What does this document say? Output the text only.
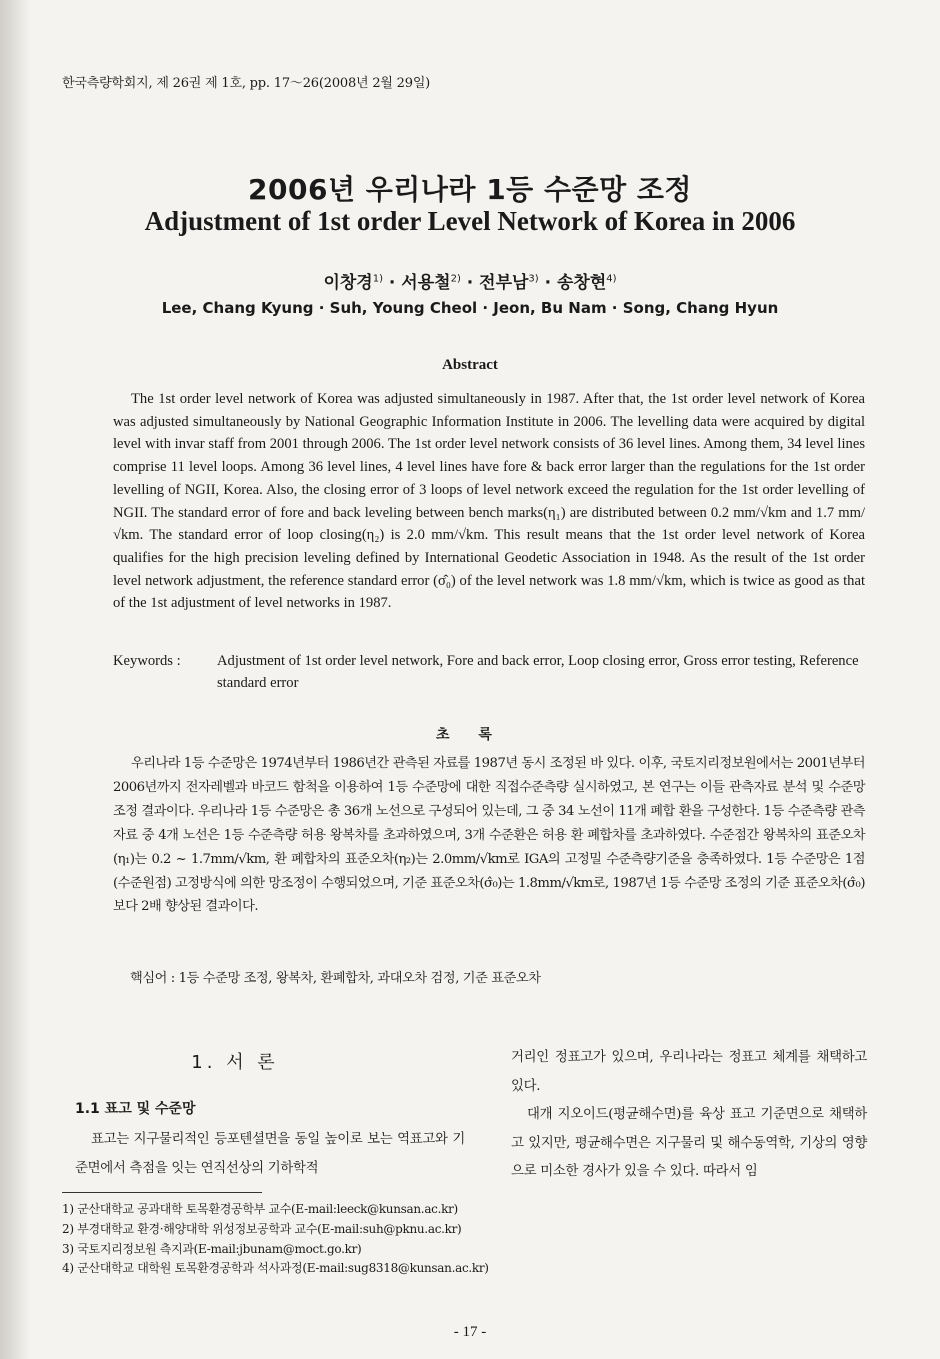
한국측량학회지, 제 26권 제 1호, pp. 17～26(2008년 2월 29일)
2006년 우리나라 1등 수준망 조정
Adjustment of 1st order Level Network of Korea in 2006
이창경$^{1)}$ · 서용철$^{2)}$ · 전부남$^{3)}$ · 송창현$^{4)}$
Lee, Chang Kyung · Suh, Young Cheol · Jeon, Bu Nam · Song, Chang Hyun
Abstract
The 1st order level network of Korea was adjusted simultaneously in 1987. After that, the 1st order level network of Korea was adjusted simultaneously by National Geographic Information Institute in 2006. The levelling data were acquired by digital level with invar staff from 2001 through 2006. The 1st order level network consists of 36 level lines. Among them, 34 level lines comprise 11 level loops. Among 36 level lines, 4 level lines have fore & back error larger than the regulations for the 1st order levelling of NGII, Korea. Also, the closing error of 3 loops of level network exceed the regulation for the 1st order levelling of NGII. The standard error of fore and back leveling between bench marks(η₁) are distributed between 0.2 mm/√km and 1.7 mm/√km. The standard error of loop closing(η₂) is 2.0 mm/√km. This result means that the 1st order level network of Korea qualifies for the high precision leveling defined by International Geodetic Association in 1948. As the result of the 1st order level network adjustment, the reference standard error (σ̂₀) of the level network was 1.8 mm/√km, which is twice as good as that of the 1st adjustment of level networks in 1987.
Keywords : Adjustment of 1st order level network, Fore and back error, Loop closing error, Gross error testing, Reference standard error
초 록
우리나라 1등 수준망은 1974년부터 1986년간 관측된 자료를 1987년 동시 조정된 바 있다. 이후, 국토지리정보원에서는 2001년부터 2006년까지 전자레벨과 바코드 함척을 이용하여 1등 수준망에 대한 직접수준측량 실시하였고, 본 연구는 이들 관측자료 분석 및 수준망 조정 결과이다. 우리나라 1등 수준망은 총 36개 노선으로 구성되어 있는데, 그 중 34 노선이 11개 폐합 환을 구성한다. 1등 수준측량 관측자료 중 4개 노선은 1등 수준측량 허용 왕복차를 초과하였으며, 3개 수준환은 허용 환 폐합차를 초과하였다. 수준점간 왕복차의 표준오차(η₁)는 0.2 ~ 1.7mm/√km, 환 폐합차의 표준오차(η₂)는 2.0mm/√km로 IGA의 고정밀 수준측량기준을 충족하였다. 1등 수준망은 1점(수준원점) 고정방식에 의한 망조정이 수행되었으며, 기준 표준오차(σ̂₀)는 1.8mm/√km로, 1987년 1등 수준망 조정의 기준 표준오차(σ̂₀)보다 2배 향상된 결과이다.
핵심어 : 1등 수준망 조정, 왕복차, 환폐합차, 과대오차 검정, 기준 표준오차
1. 서 론
1.1 표고 및 수준망
표고는 지구물리적인 등포텐셜면을 동일 높이로 보는 역표고와 기준면에서 측점을 잇는 연직선상의 기하학적

거리인 정표고가 있으며, 우리나라는 정표고 체계를 채택하고 있다.

대개 지오이드(평균해수면)를 육상 표고 기준면으로 채택하고 있지만, 평균해수면은 지구물리 및 해수동역학, 기상의 영향으로 미소한 경사가 있을 수 있다. 따라서 임

1) 군산대학교 공과대학 토목환경공학부 교수(E-mail:leeck@kunsan.ac.kr)
2) 부경대학교 환경·해양대학 위성정보공학과 교수(E-mail:suh@pknu.ac.kr)
3) 국토지리정보원 측지과(E-mail:jbunam@moct.go.kr)
4) 군산대학교 대학원 토목환경공학과 석사과정(E-mail:sug8318@kunsan.ac.kr)
- 17 -
